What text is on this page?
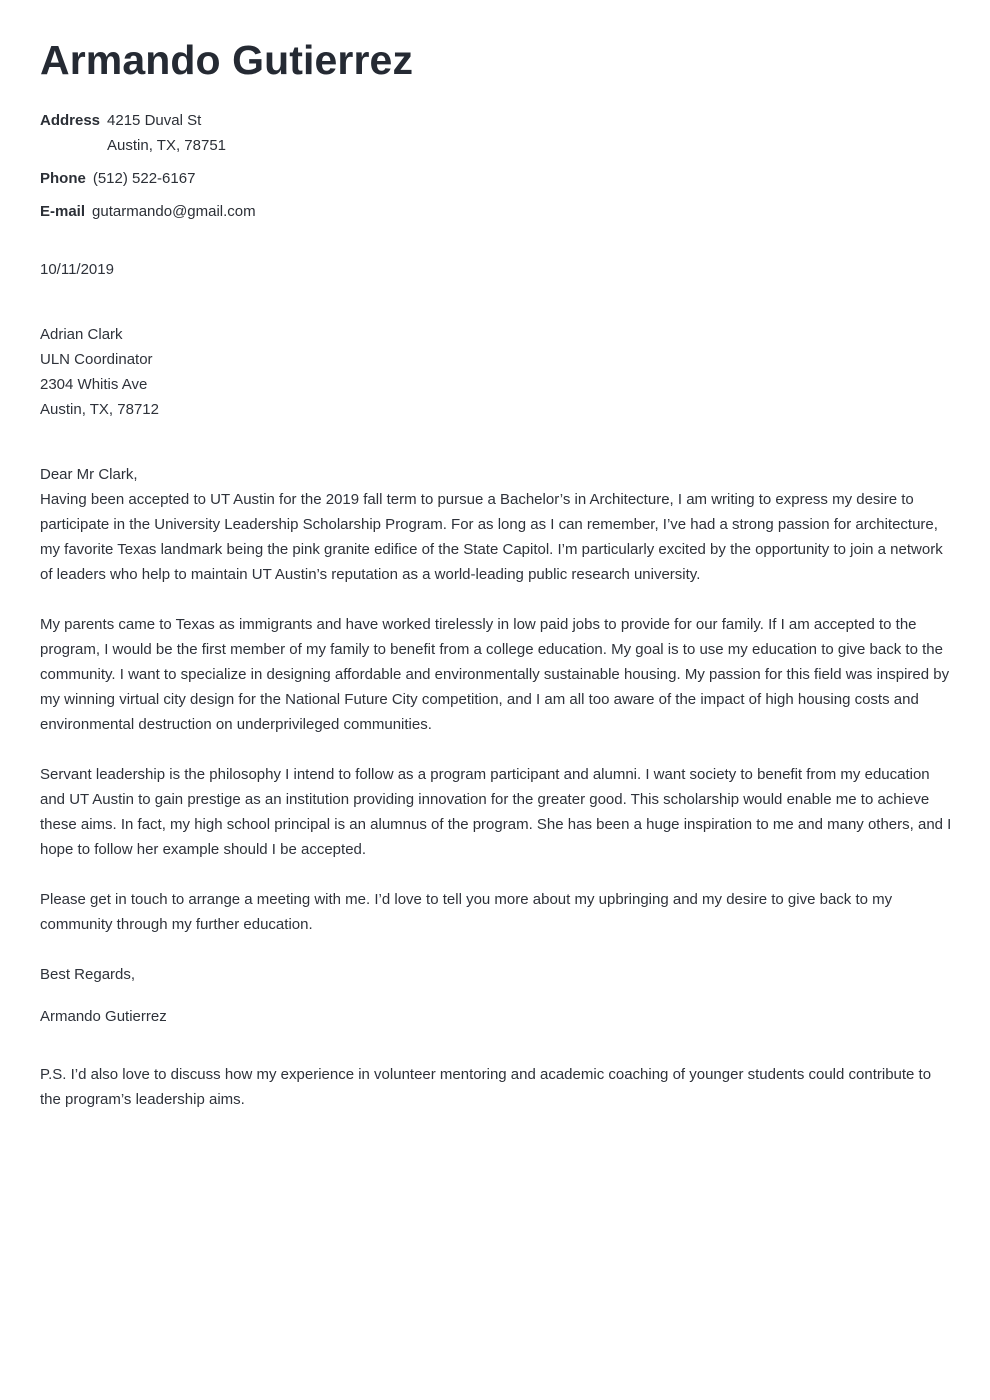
Armando Gutierrez
Address 4215 Duval St
Austin, TX, 78751
Phone (512) 522-6167
E-mail gutarmando@gmail.com
10/11/2019
Adrian Clark
ULN Coordinator
2304 Whitis Ave
Austin, TX, 78712
Dear Mr Clark,

Having been accepted to UT Austin for the 2019 fall term to pursue a Bachelor’s in Architecture, I am writing to express my desire to participate in the University Leadership Scholarship Program. For as long as I can remember, I’ve had a strong passion for architecture, my favorite Texas landmark being the pink granite edifice of the State Capitol. I’m particularly excited by the opportunity to join a network of leaders who help to maintain UT Austin’s reputation as a world-leading public research university.

My parents came to Texas as immigrants and have worked tirelessly in low paid jobs to provide for our family. If I am accepted to the program, I would be the first member of my family to benefit from a college education. My goal is to use my education to give back to the community. I want to specialize in designing affordable and environmentally sustainable housing. My passion for this field was inspired by my winning virtual city design for the National Future City competition, and I am all too aware of the impact of high housing costs and environmental destruction on underprivileged communities.

Servant leadership is the philosophy I intend to follow as a program participant and alumni. I want society to benefit from my education and UT Austin to gain prestige as an institution providing innovation for the greater good. This scholarship would enable me to achieve these aims. In fact, my high school principal is an alumnus of the program. She has been a huge inspiration to me and many others, and I hope to follow her example should I be accepted.

Please get in touch to arrange a meeting with me. I’d love to tell you more about my upbringing and my desire to give back to my community through my further education.

Best Regards,
Armando Gutierrez
P.S. I’d also love to discuss how my experience in volunteer mentoring and academic coaching of younger students could contribute to the program’s leadership aims.
